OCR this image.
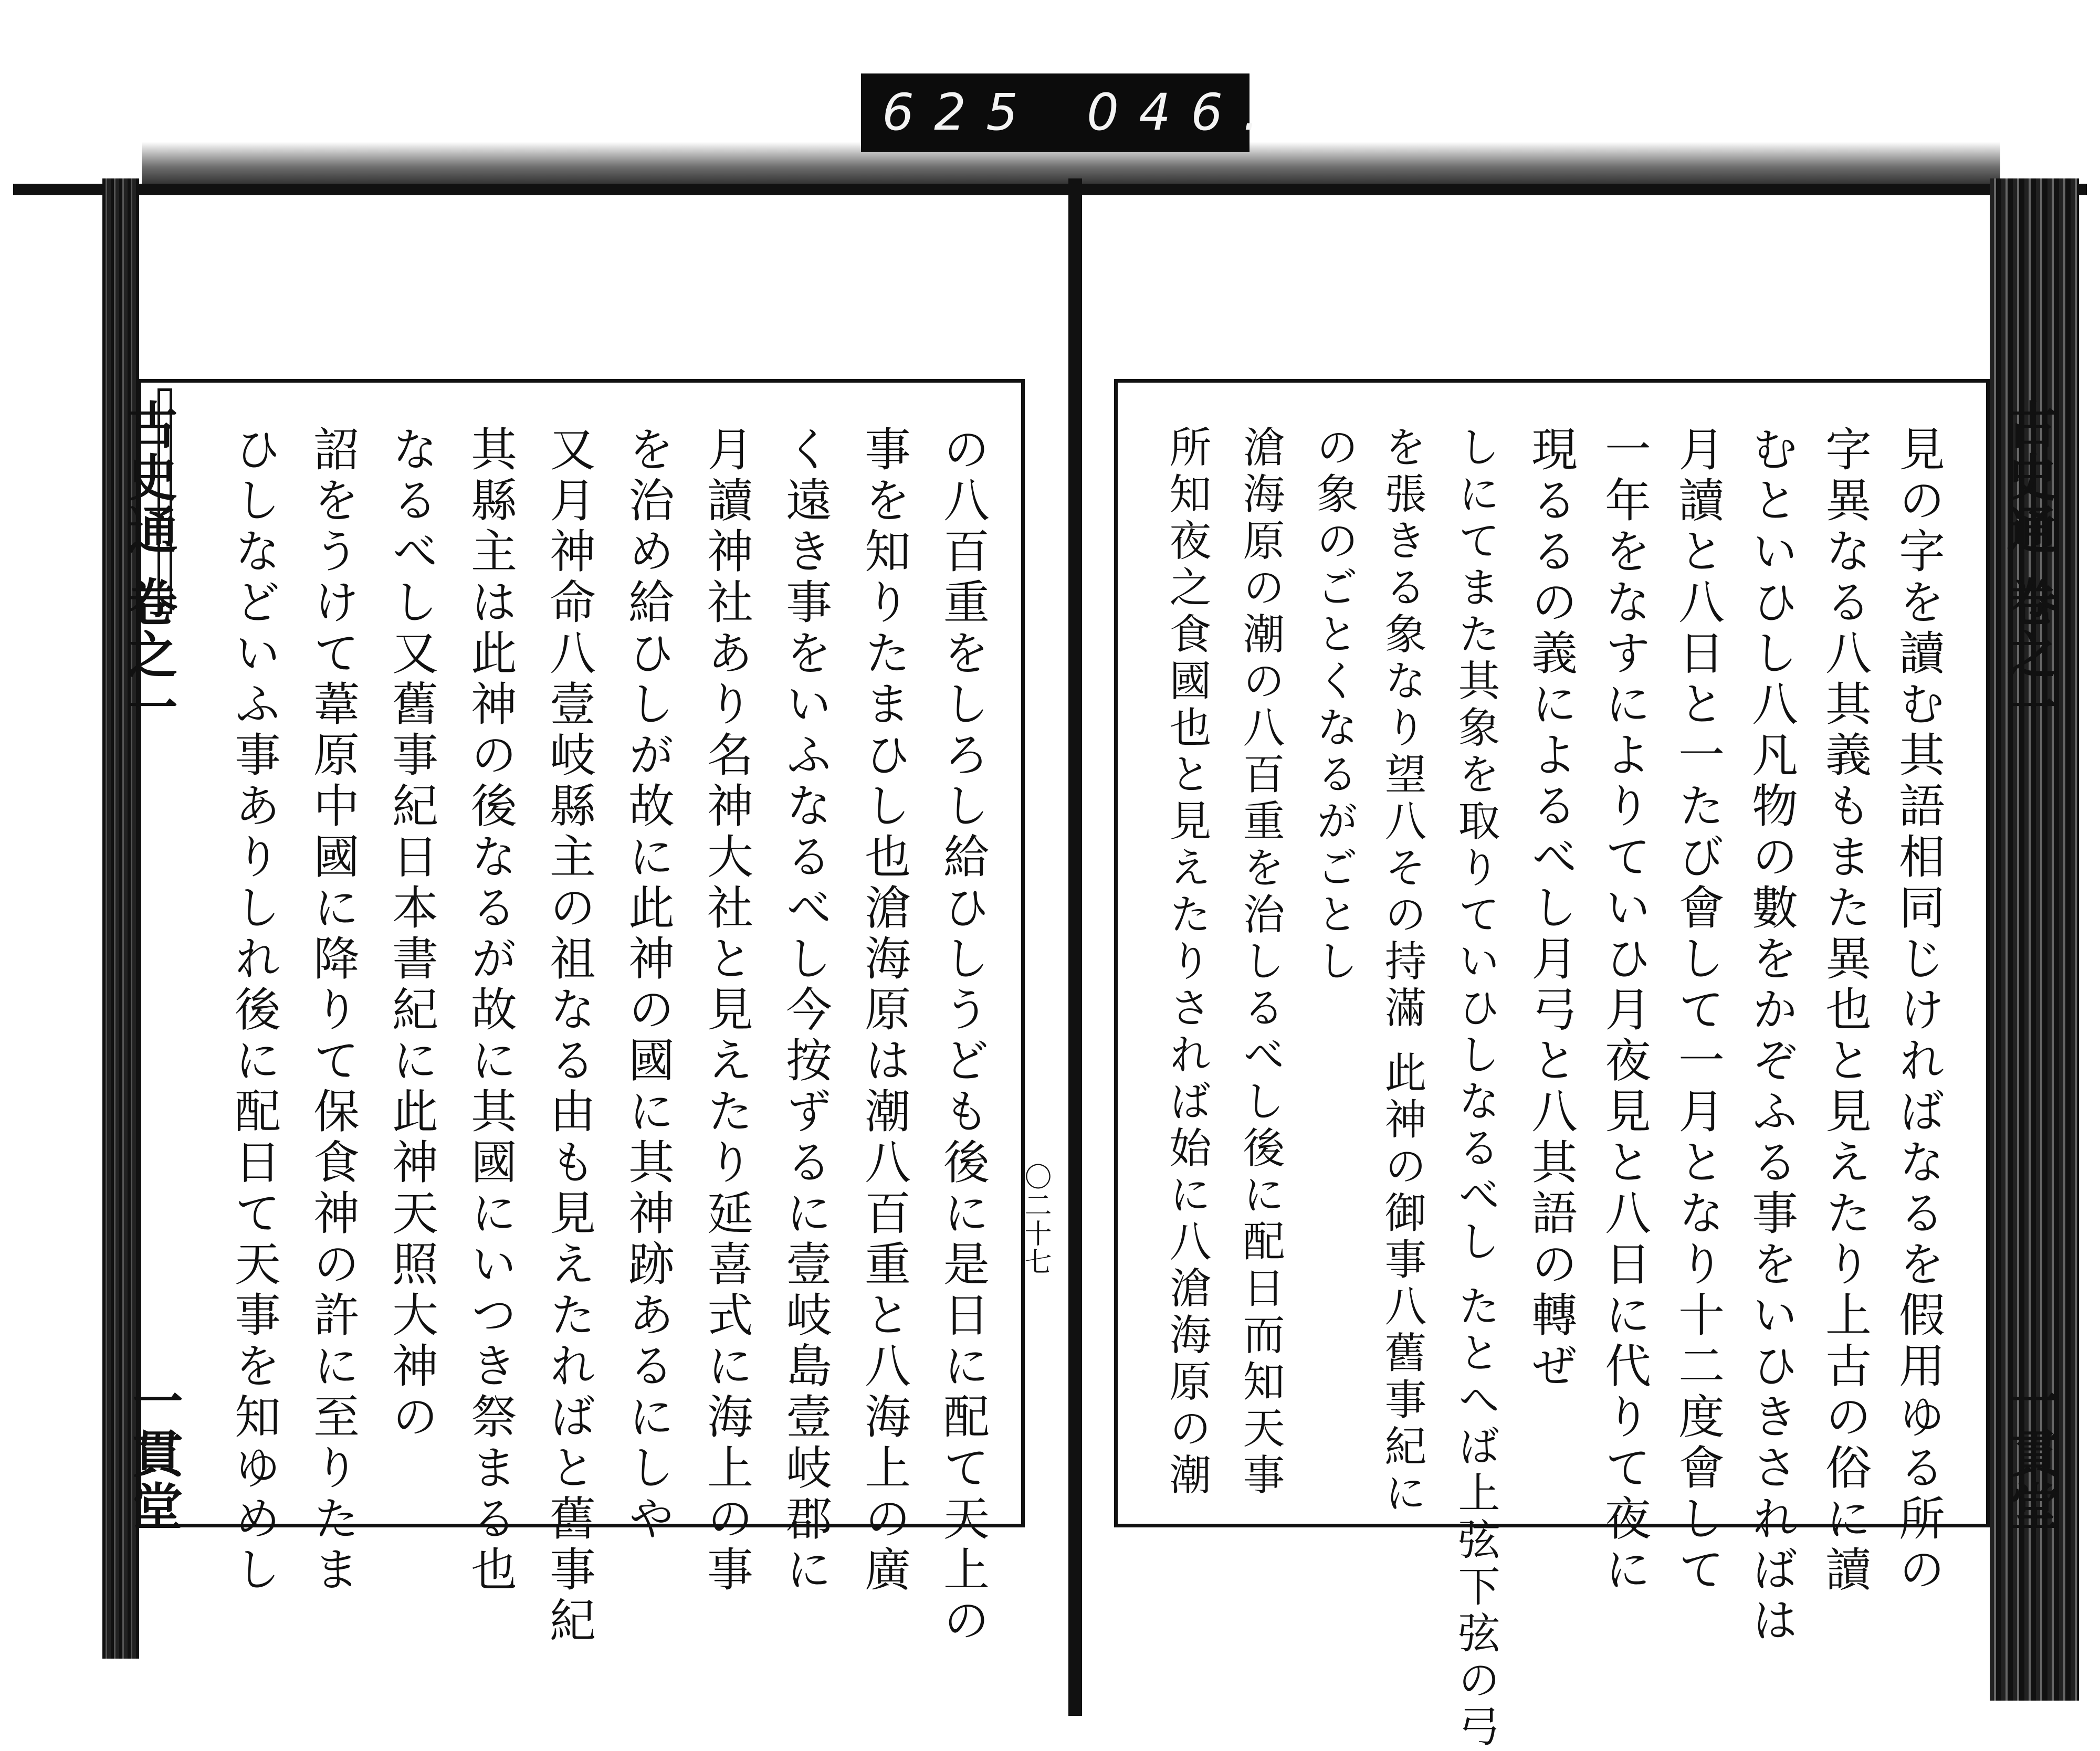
625 046.
古史通 卷之一
一貫堂
古史通 卷之一
一貫堂
〇二十七
の八百重をしろし給ひしうども後に是日に配て天上の
事を知りたまひし也滄海原は潮八百重と八海上の廣
く遠き事をいふなるべし今按ずるに壹岐島壹岐郡に
月讀神社あり名神大社と見えたり延喜式に海上の事
を治め給ひしが故に此神の國に其神跡あるにしや
又月神命八壹岐縣主の祖なる由も見えたればと舊事紀
其縣主は此神の後なるが故に其國にいつき祭まる也
なるべし又舊事紀日本書紀に此神天照大神の
詔をうけて葦原中國に降りて保食神の許に至りたま
ひしなどいふ事ありしれ後に配日て天事を知ゆめし	見の字を讀む其語相同じければなるを假用ゆる所の
字異なる八其義もまた異也と見えたり上古の俗に讀
むといひし八凡物の數をかぞふる事をいひきさればは
月讀と八日と一たび會して一月となり十二度會して
一年をなすによりていひ月夜見と八日に代りて夜に
現るるの義によるべし月弓と八其語の轉ぜ
しにてまた其象を取りていひしなるべし たとへば上弦下弦の弓
を張きる象なり望八その持滿 此神の御事八舊事紀に
の象のごとくなるがごとし
滄海原の潮の八百重を治しるべし後に配日而知天事
所知夜之食國也と見えたりされば始に八滄海原の潮
